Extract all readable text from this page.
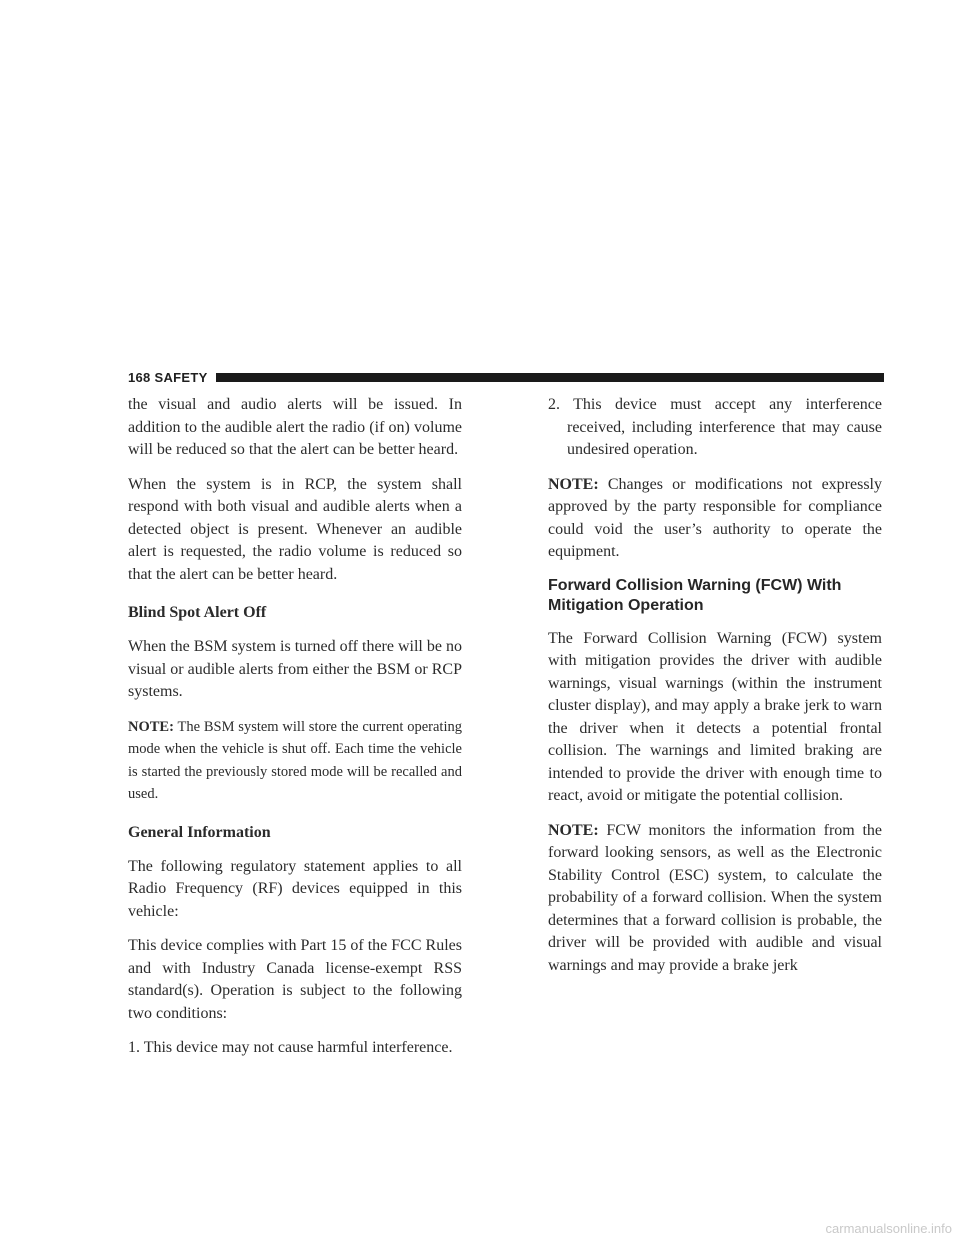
168 SAFETY

the visual and audio alerts will be issued. In addition to the audible alert the radio (if on) volume will be reduced so that the alert can be better heard.

When the system is in RCP, the system shall respond with both visual and audible alerts when a detected object is present. Whenever an audible alert is requested, the radio volume is reduced so that the alert can be better heard.

Blind Spot Alert Off

When the BSM system is turned off there will be no visual or audible alerts from either the BSM or RCP systems.

NOTE: The BSM system will store the current operating mode when the vehicle is shut off. Each time the vehicle is started the previously stored mode will be recalled and used.

General Information

The following regulatory statement applies to all Radio Frequency (RF) devices equipped in this vehicle:

This device complies with Part 15 of the FCC Rules and with Industry Canada license-exempt RSS standard(s). Operation is subject to the following two conditions:

1. This device may not cause harmful interference.

2. This device must accept any interference received, including interference that may cause undesired operation.

NOTE: Changes or modifications not expressly approved by the party responsible for compliance could void the user’s authority to operate the equipment.

Forward Collision Warning (FCW) With Mitigation Operation

The Forward Collision Warning (FCW) system with mitigation provides the driver with audible warnings, visual warnings (within the instrument cluster display), and may apply a brake jerk to warn the driver when it detects a potential frontal collision. The warnings and limited braking are intended to provide the driver with enough time to react, avoid or mitigate the potential collision.

NOTE: FCW monitors the information from the forward looking sensors, as well as the Electronic Stability Control (ESC) system, to calculate the probability of a forward collision. When the system determines that a forward collision is probable, the driver will be provided with audible and visual warnings and may provide a brake jerk

carmanualsonline.info
